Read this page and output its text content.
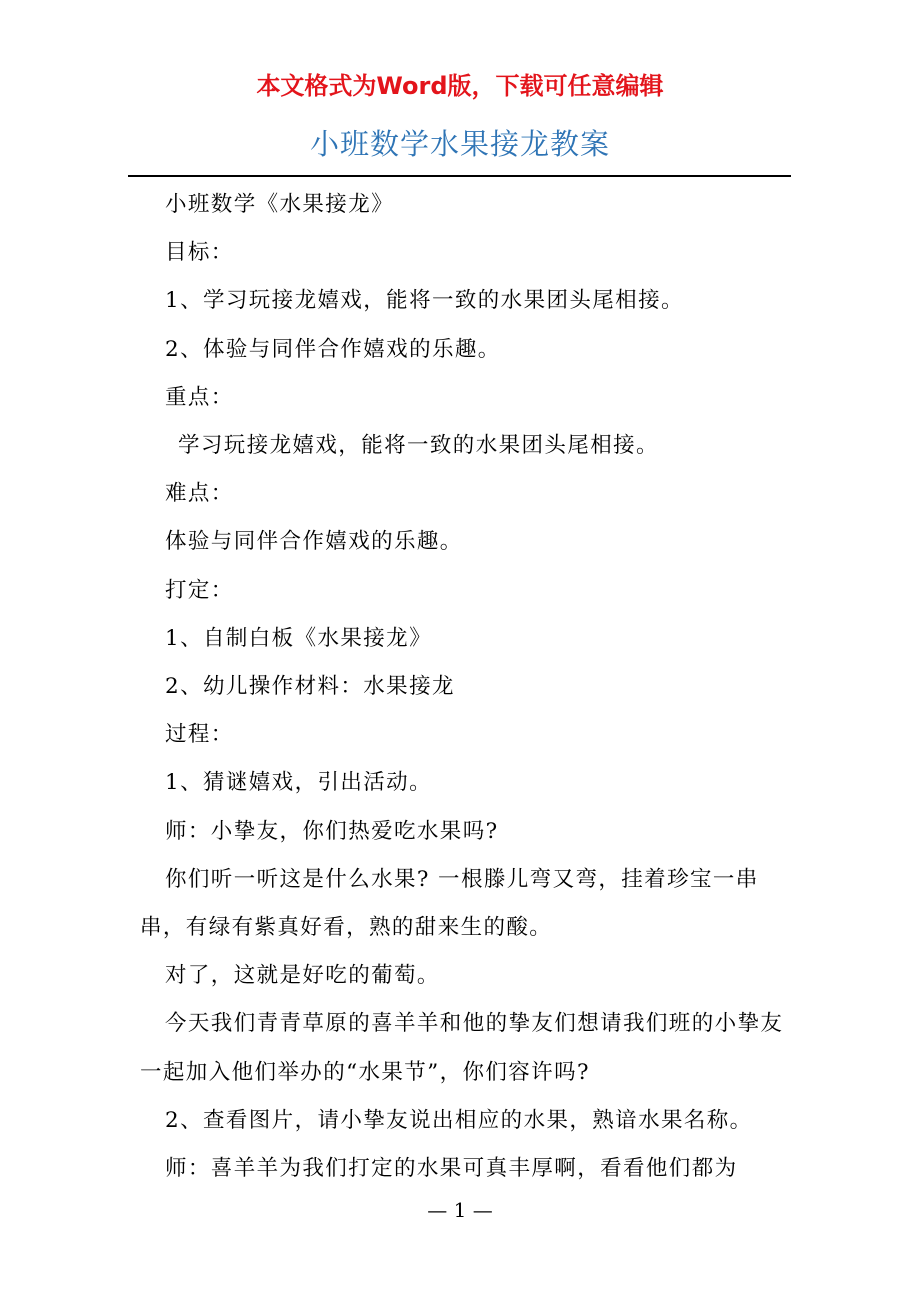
本文格式为Word版，下载可任意编辑
小班数学水果接龙教案

小班数学《水果接龙》

目标：

1、学习玩接龙嬉戏，能将一致的水果团头尾相接。

2、体验与同伴合作嬉戏的乐趣。

重点：

学习玩接龙嬉戏，能将一致的水果团头尾相接。

难点：

体验与同伴合作嬉戏的乐趣。

打定：

1、自制白板《水果接龙》

2、幼儿操作材料：水果接龙

过程：

1、猜谜嬉戏，引出活动。

师：小挚友，你们热爱吃水果吗?

你们听一听这是什么水果? 一根滕儿弯又弯，挂着珍宝一串串，有绿有紫真好看，熟的甜来生的酸。

对了，这就是好吃的葡萄。

今天我们青青草原的喜羊羊和他的挚友们想请我们班的小挚友一起加入他们举办的“水果节”，你们容许吗?

2、查看图片，请小挚友说出相应的水果，熟谙水果名称。

师：喜羊羊为我们打定的水果可真丰厚啊，看看他们都为

— 1 —
